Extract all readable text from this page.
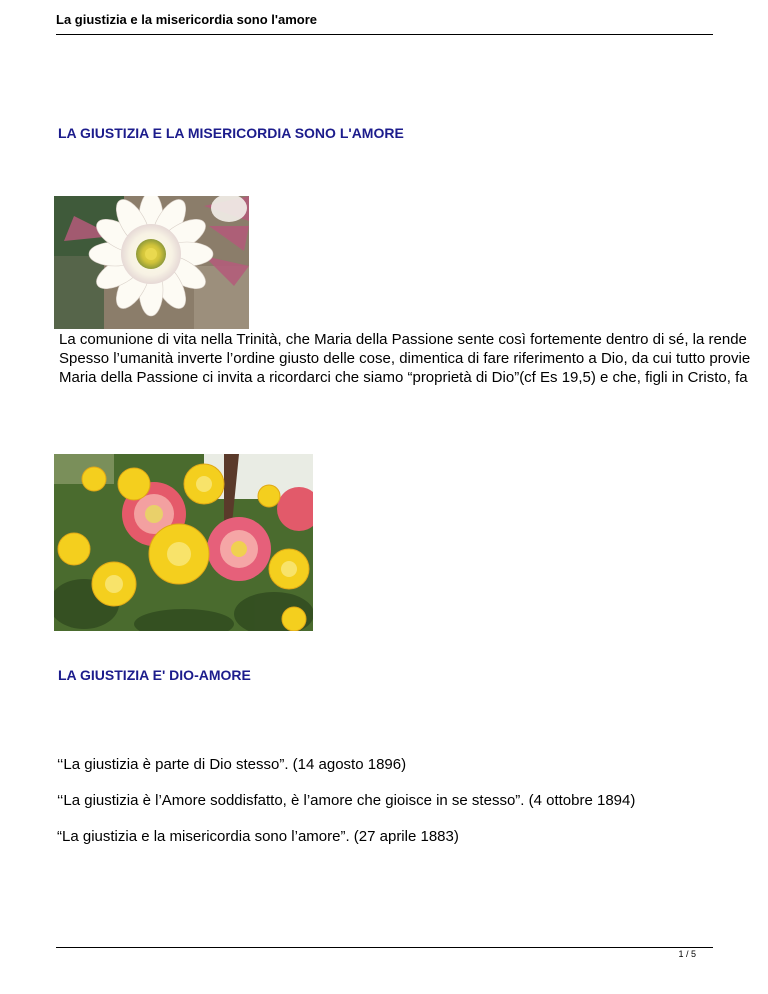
La giustizia e la misericordia sono l'amore
LA GIUSTIZIA E LA MISERICORDIA SONO L'AMORE
La comunione di vita nella Trinità, che Maria della Passione sente così fortemente dentro di sé, la rende
Spesso l’umanità inverte l’ordine giusto delle cose, dimentica di fare riferimento a Dio, da cui tutto provie
Maria della Passione ci invita a ricordarci che siamo “proprietà di Dio”(cf Es 19,5) e che, figli in Cristo, fa
LA GIUSTIZIA E' DIO-AMORE
‘‘La giustizia è parte di Dio stesso”. (14 agosto 1896)
‘‘La giustizia è l’Amore soddisfatto, è l’amore che gioisce in se stesso”. (4 ottobre 1894)
“La giustizia e la misericordia sono l’amore”. (27 aprile 1883)
1 / 5
